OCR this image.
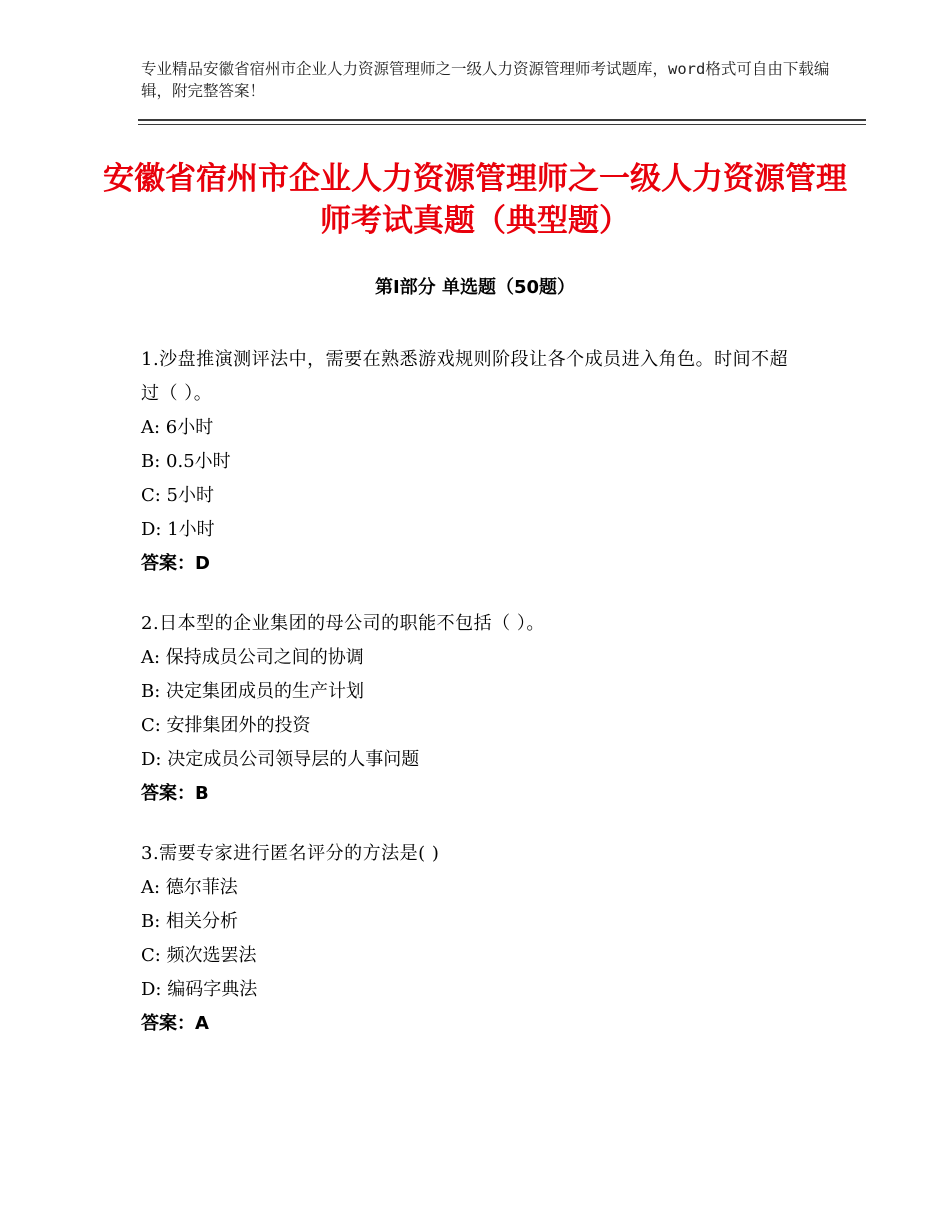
专业精品安徽省宿州市企业人力资源管理师之一级人力资源管理师考试题库，word格式可自由下载编辑，附完整答案！
安徽省宿州市企业人力资源管理师之一级人力资源管理师考试真题（典型题）
第Ⅰ部分 单选题（50题）
1.沙盘推演测评法中，需要在熟悉游戏规则阶段让各个成员进入角色。时间不超过（ ）。
A: 6小时
B: 0.5小时
C: 5小时
D: 1小时
答案：D
2.日本型的企业集团的母公司的职能不包括（ ）。
A: 保持成员公司之间的协调
B: 决定集团成员的生产计划
C: 安排集团外的投资
D: 决定成员公司领导层的人事问题
答案：B
3.需要专家进行匿名评分的方法是( )
A: 德尔菲法
B: 相关分析
C: 频次选罢法
D: 编码字典法
答案：A
